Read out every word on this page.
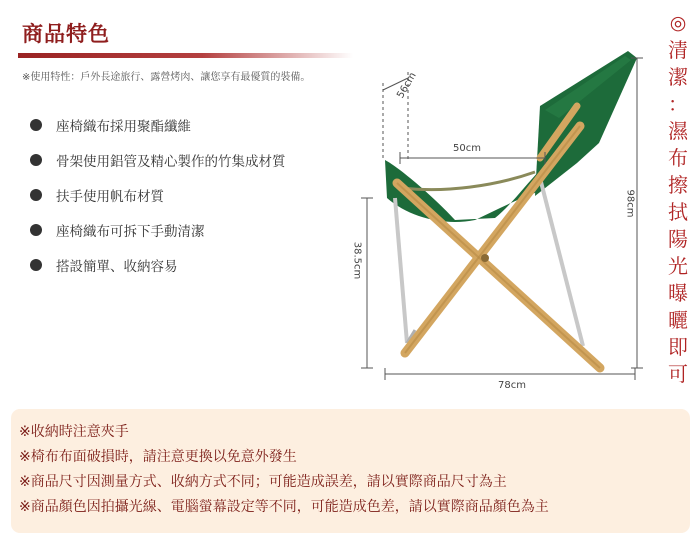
商品特色
※使用特性：戶外長途旅行、露營烤肉、讓您享有最優質的裝備。
座椅織布採用聚酯纖維
骨架使用鋁管及精心製作的竹集成材質
扶手使用帆布材質
座椅織布可拆下手動清潔
搭設簡單、收納容易
56cm
50cm
98cm
38.5cm
78cm
◎
清
潔
：
濕
布
擦
拭
陽
光
曝
曬
即
可
※收納時注意夾手
※椅布布面破損時，請注意更換以免意外發生
※商品尺寸因測量方式、收納方式不同；可能造成誤差，請以實際商品尺寸為主
※商品顏色因拍攝光線、電腦螢幕設定等不同，可能造成色差，請以實際商品顏色為主
